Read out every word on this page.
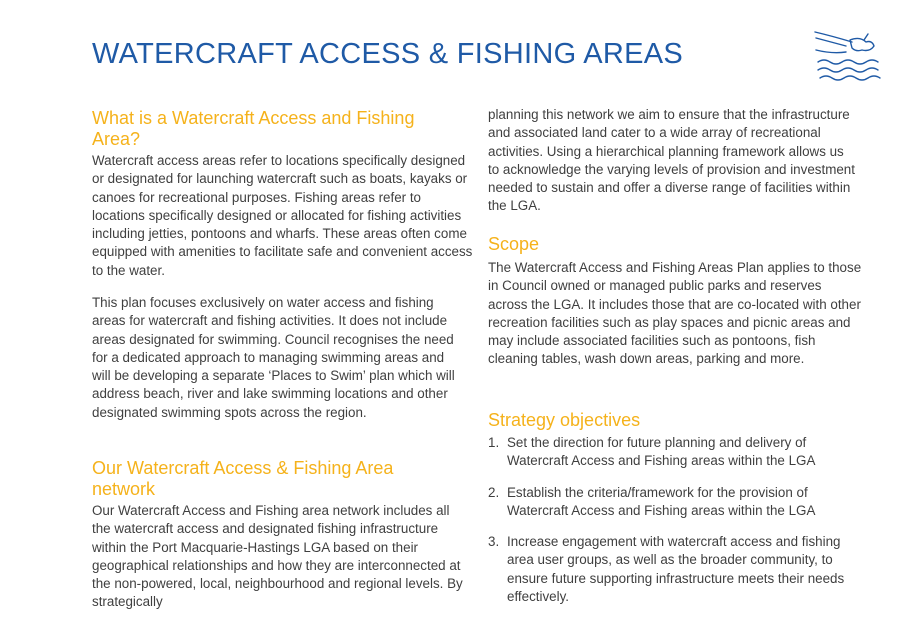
WATERCRAFT ACCESS & FISHING AREAS
What is a Watercraft Access and Fishing Area?

Watercraft access areas refer to locations specifically designed or designated for launching watercraft such as boats, kayaks or canoes for recreational purposes. Fishing areas refer to locations specifically designed or allocated for fishing activities including jetties, pontoons and wharfs. These areas often come equipped with amenities to facilitate safe and convenient access to the water.

This plan focuses exclusively on water access and fishing areas for watercraft and fishing activities. It does not include areas designated for swimming. Council recognises the need for a dedicated approach to managing swimming areas and will be developing a separate ‘Places to Swim’ plan which will address beach, river and lake swimming locations and other designated swimming spots across the region.

Our Watercraft Access & Fishing Area network

Our Watercraft Access and Fishing area network includes all the watercraft access and designated fishing infrastructure within the Port Macquarie-Hastings LGA based on their geographical relationships and how they are interconnected at the non-powered, local, neighbourhood and regional levels. By strategically

planning this network we aim to ensure that the infrastructure and associated land cater to a wide array of recreational activities. Using a hierarchical planning framework allows us to acknowledge the varying levels of provision and investment needed to sustain and offer a diverse range of facilities within the LGA.

Scope

The Watercraft Access and Fishing Areas Plan applies to those in Council owned or managed public parks and reserves across the LGA. It includes those that are co-located with other recreation facilities such as play spaces and picnic areas and may include associated facilities such as pontoons, fish cleaning tables, wash down areas, parking and more.

Strategy objectives
1. Set the direction for future planning and delivery of Watercraft Access and Fishing areas within the LGA
2. Establish the criteria/framework for the provision of Watercraft Access and Fishing areas within the LGA
3. Increase engagement with watercraft access and fishing area user groups, as well as the broader community, to ensure future supporting infrastructure meets their needs effectively.
